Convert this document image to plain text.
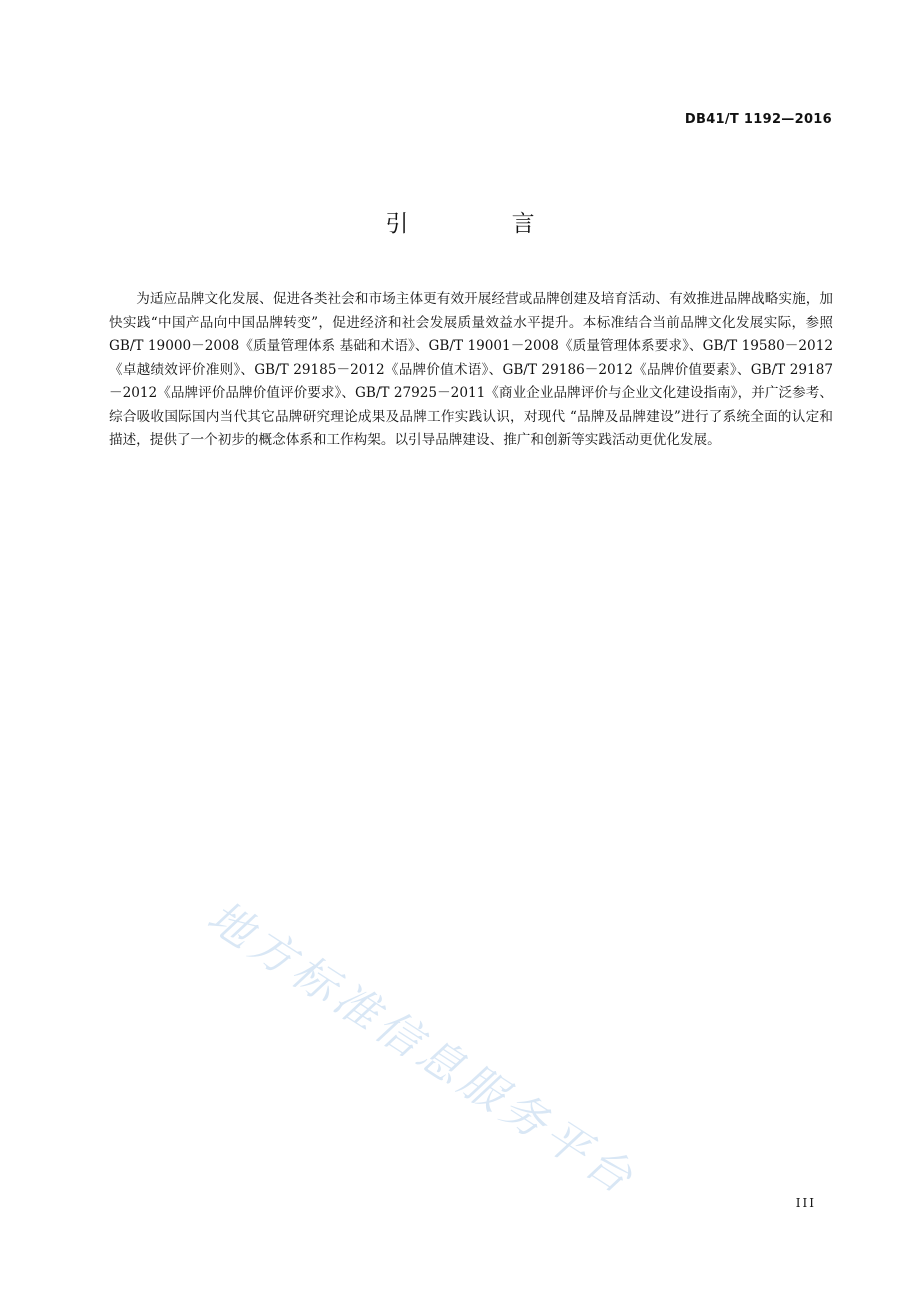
DB41/T 1192—2016
引 言

为适应品牌文化发展、促进各类社会和市场主体更有效开展经营或品牌创建及培育活动、有效推进品牌战略实施，加快实践“中国产品向中国品牌转变”，促进经济和社会发展质量效益水平提升。本标准结合当前品牌文化发展实际，参照GB/T 19000－2008《质量管理体系 基础和术语》、GB/T 19001－2008《质量管理体系要求》、GB/T 19580－2012《卓越绩效评价准则》、GB/T 29185－2012《品牌价值术语》、GB/T 29186－2012《品牌价值要素》、GB/T 29187－2012《品牌评价品牌价值评价要求》、GB/T 27925－2011《商业企业品牌评价与企业文化建设指南》，并广泛参考、综合吸收国际国内当代其它品牌研究理论成果及品牌工作实践认识，对现代 “品牌及品牌建设”进行了系统全面的认定和描述，提供了一个初步的概念体系和工作构架。以引导品牌建设、推广和创新等实践活动更优化发展。

地方标准信息服务平台	III
